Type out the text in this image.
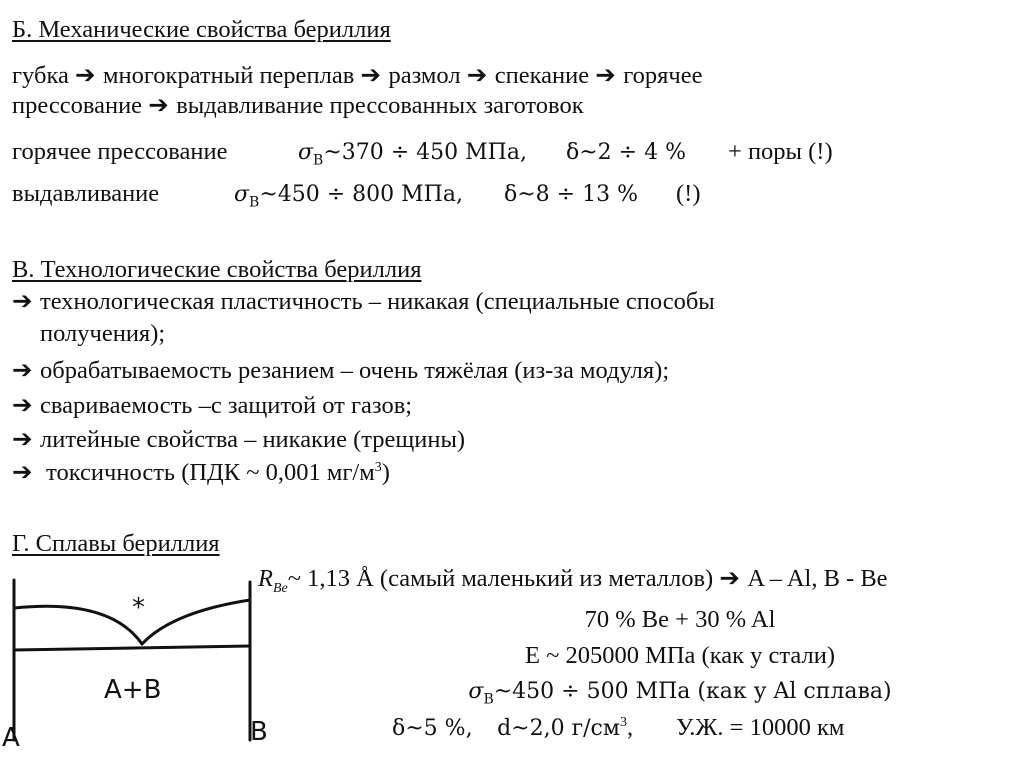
Б. Механические свойства бериллия
губка ➔ многократный переплав ➔ размол ➔ спекание ➔ горячее
прессование ➔ выдавливание прессованных заготовок
горячее прессование	$\sigma_В\sim 370 \div 450$ МПа, δ~2 ÷ 4 % + поры (!)
выдавливание	$\sigma_В\sim 450 \div 800$ МПа, δ~8 ÷ 13 % (!)
В. Технологические свойства бериллия
➔ технологическая пластичность – никакая (специальные способы
получения);
➔ обрабатываемость резанием – очень тяжёлая (из-за модуля);
➔ свариваемость –с защитой от газов;
➔ литейные свойства – никакие (трещины)
➔ токсичность (ПДК ~ 0,001 $мг/м^3$)
Г. Сплавы бериллия
$R_{Be}\sim$ 1,13 Å (самый маленький из металлов) ➔ A – Al, B - Be
70 % Be + 30 % Al
E ~ 205000 МПа (как у стали)
$\sigma_В\sim 450 \div 500$ МПа (как у Al сплава)
δ~5 %, d~2,0 $г/см^3$,       У.Ж. = 10000 км
*
A+B
A	B
